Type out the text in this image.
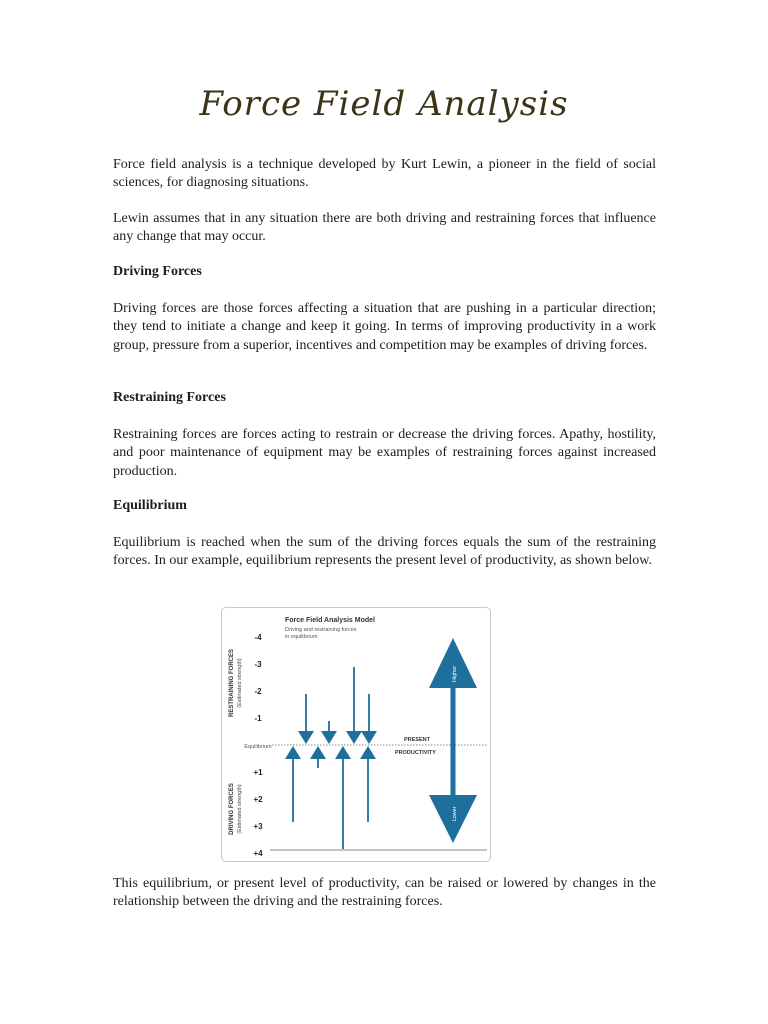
Force Field Analysis
Force field analysis is a technique developed by Kurt Lewin, a pioneer in the field of social sciences, for diagnosing situations.
Lewin assumes that in any situation there are both driving and restraining forces that influence any change that may occur.
Driving Forces
Driving forces are those forces affecting a situation that are pushing in a particular direction; they tend to initiate a change and keep it going. In terms of improving productivity in a work group, pressure from a superior, incentives and competition may be examples of driving forces.
Restraining Forces
Restraining forces are forces acting to restrain or decrease the driving forces. Apathy, hostility, and poor maintenance of equipment may be examples of restraining forces against increased production.
Equilibrium
Equilibrium is reached when the sum of the driving forces equals the sum of the restraining forces. In our example, equilibrium represents the present level of productivity, as shown below.
Force Field Analysis Model
Driving and restraining forces
in equilibrium
RESTRAINING FORCES (Estimated strength)
DRIVING FORCES (Estimated strength)
-4
-3
-2
-1
Equilibrium
+1
+2
+3
+4
PRESENT
PRODUCTIVITY
Higher
Lower
This equilibrium, or present level of productivity, can be raised or lowered by changes in the relationship between the driving and the restraining forces.
